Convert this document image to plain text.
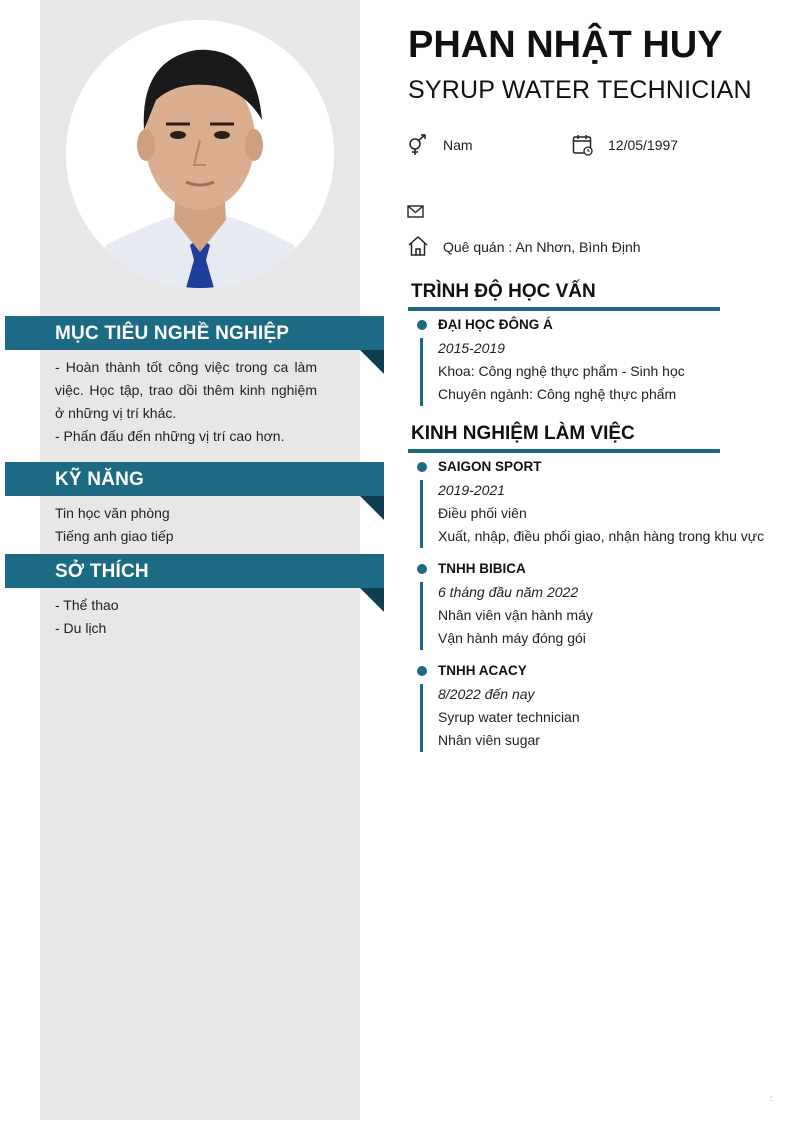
MỤC TIÊU NGHỀ NGHIỆP

- Hoàn thành tốt công việc trong ca làm việc. Học tập, trao dồi thêm kinh nghiệm ở những vị trí khác.

- Phấn đấu đến những vị trí cao hơn.

KỸ NĂNG

Tin học văn phòng

Tiếng anh giao tiếp

SỞ THÍCH

- Thể thao

- Du lịch

PHAN NHẬT HUY
SYRUP WATER TECHNICIAN
Nam	12/05/1997
Quê quán : An Nhơn, Bình Định
TRÌNH ĐỘ HỌC VẤN
ĐẠI HỌC ĐÔNG Á
2015-2019
Khoa: Công nghệ thực phẩm - Sinh học
Chuyên ngành: Công nghệ thực phẩm
KINH NGHIỆM LÀM VIỆC
SAIGON SPORT
2019-2021
Điều phối viên
Xuất, nhập, điều phối giao, nhận hàng trong khu vực
TNHH BIBICA
6 tháng đầu năm 2022
Nhân viên vận hành máy
Vận hành máy đóng gói
TNHH ACACY
8/2022 đến nay
Syrup water technician
Nhân viên sugar
:
